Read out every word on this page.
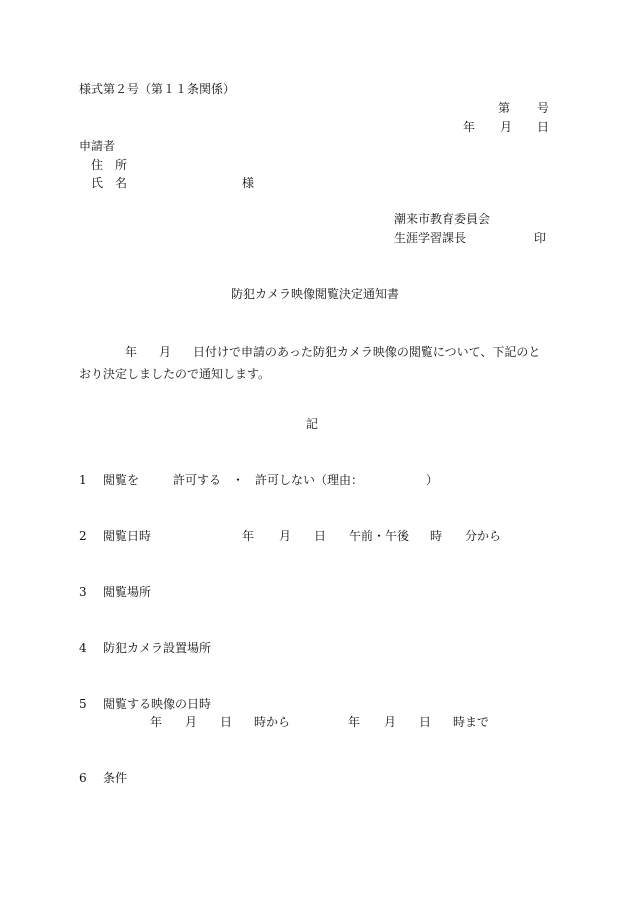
様式第２号（第１１条関係）
第 号
年 月 日
申請者
住　所
氏　名	様
潮来市教育委員会
生涯学習課長	印
防犯カメラ映像閲覧決定通知書
年 月 日付けで申請のあった防犯カメラ映像の閲覧について、下記のとおり決定しましたので通知します。
記
1 閲覧を	許可する ・ 許可しない（理由：	）
2 閲覧日時	年 月 日 午前・午後 時 分から
3 閲覧場所
4 防犯カメラ設置場所
5 閲覧する映像の日時
年 月 日 時から	年 月 日 時まで
6 条件
